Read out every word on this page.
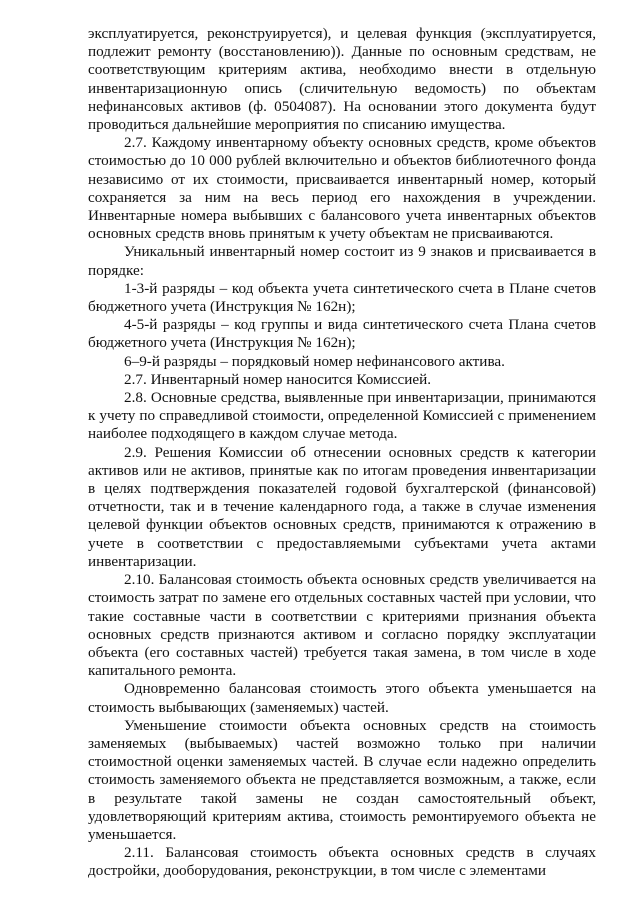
эксплуатируется, реконструируется), и целевая функция (эксплуатируется, подлежит ремонту (восстановлению)). Данные по основным средствам, не соответствующим критериям актива, необходимо внести в отдельную инвентаризационную опись (сличительную ведомость) по объектам нефинансовых активов (ф. 0504087). На основании этого документа будут проводиться дальнейшие мероприятия по списанию имущества.

2.7. Каждому инвентарному объекту основных средств, кроме объектов стоимостью до 10 000 рублей включительно и объектов библиотечного фонда независимо от их стоимости, присваивается инвентарный номер, который сохраняется за ним на весь период его нахождения в учреждении. Инвентарные номера выбывших с балансового учета инвентарных объектов основных средств вновь принятым к учету объектам не присваиваются.

Уникальный инвентарный номер состоит из 9 знаков и присваивается в порядке:

1-3-й разряды – код объекта учета синтетического счета в Плане счетов бюджетного учета (Инструкция № 162н);

4-5-й разряды – код группы и вида синтетического счета Плана счетов бюджетного учета (Инструкция № 162н);

6–9-й разряды – порядковый номер нефинансового актива.

2.7. Инвентарный номер наносится Комиссией.

2.8. Основные средства, выявленные при инвентаризации, принимаются к учету по справедливой стоимости, определенной Комиссией с применением наиболее подходящего в каждом случае метода.

2.9. Решения Комиссии об отнесении основных средств к категории активов или не активов, принятые как по итогам проведения инвентаризации в целях подтверждения показателей годовой бухгалтерской (финансовой) отчетности, так и в течение календарного года, а также в случае изменения целевой функции объектов основных средств, принимаются к отражению в учете в соответствии с предоставляемыми субъектами учета актами инвентаризации.

2.10. Балансовая стоимость объекта основных средств увеличивается на стоимость затрат по замене его отдельных составных частей при условии, что такие составные части в соответствии с критериями признания объекта основных средств признаются активом и согласно порядку эксплуатации объекта (его составных частей) требуется такая замена, в том числе в ходе капитального ремонта.

Одновременно балансовая стоимость этого объекта уменьшается на стоимость выбывающих (заменяемых) частей.

Уменьшение стоимости объекта основных средств на стоимость заменяемых (выбываемых) частей возможно только при наличии стоимостной оценки заменяемых частей. В случае если надежно определить стоимость заменяемого объекта не представляется возможным, а также, если в результате такой замены не создан самостоятельный объект, удовлетворяющий критериям актива, стоимость ремонтируемого объекта не уменьшается.

2.11. Балансовая стоимость объекта основных средств в случаях достройки, дооборудования, реконструкции, в том числе с элементами
